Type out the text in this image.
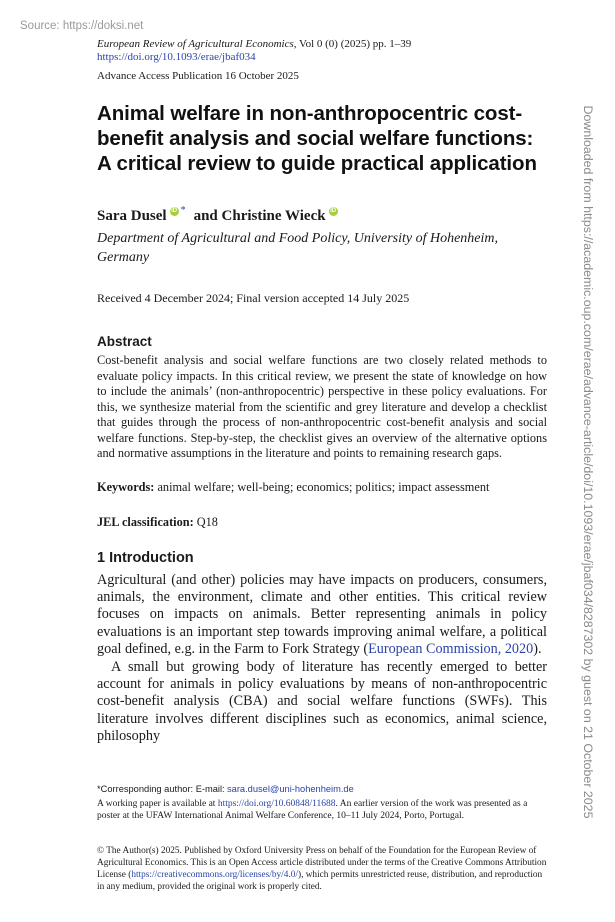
Source: https://doksi.net
Downloaded from https://academic.oup.com/erae/advance-article/doi/10.1093/erae/jbaf034/8287302 by guest on 21 October 2025
European Review of Agricultural Economics, Vol 0 (0) (2025) pp. 1–39
https://doi.org/10.1093/erae/jbaf034
Advance Access Publication 16 October 2025
Animal welfare in non-anthropocentric cost-benefit analysis and social welfare functions: A critical review to guide practical application
Sara Dusel iD * and
Christine Wieck iD
Department of Agricultural and Food Policy, University of Hohenheim, Germany
Received 4 December 2024; Final version accepted 14 July 2025
Abstract
Cost-benefit analysis and social welfare functions are two closely related methods to evaluate policy impacts. In this critical review, we present the state of knowledge on how to include the animals’ (non-anthropocentric) perspective in these policy evaluations. For this, we synthesize material from the scientific and grey literature and develop a checklist that guides through the process of non-anthropocentric cost-benefit analysis and social welfare functions. Step-by-step, the checklist gives an overview of the alternative options and normative assumptions in the literature and points to remaining research gaps.
Keywords: animal welfare; well-being; economics; politics; impact assessment
JEL classification: Q18
1 Introduction

Agricultural (and other) policies may have impacts on producers, consumers, animals, the environment, climate and other entities. This critical review focuses on impacts on animals. Better representing animals in policy evaluations is an important step towards improving animal welfare, a political goal defined, e.g. in the Farm to Fork Strategy (European Commission, 2020).

A small but growing body of literature has recently emerged to better account for animals in policy evaluations by means of non-anthropocentric cost-benefit analysis (CBA) and social welfare functions (SWFs). This literature involves different disciplines such as economics, animal science, philosophy

*Corresponding author: E-mail: sara.dusel@uni-hohenheim.de
A working paper is available at https://doi.org/10.60848/11688. An earlier version of the work was presented as a poster at the UFAW International Animal Welfare Conference, 10–11 July 2024, Porto, Portugal.
© The Author(s) 2025. Published by Oxford University Press on behalf of the Foundation for the European Review of Agricultural Economics. This is an Open Access article distributed under the terms of the Creative Commons Attribution License (https://creativecommons.org/licenses/by/4.0/), which permits unrestricted reuse, distribution, and reproduction in any medium, provided the original work is properly cited.
